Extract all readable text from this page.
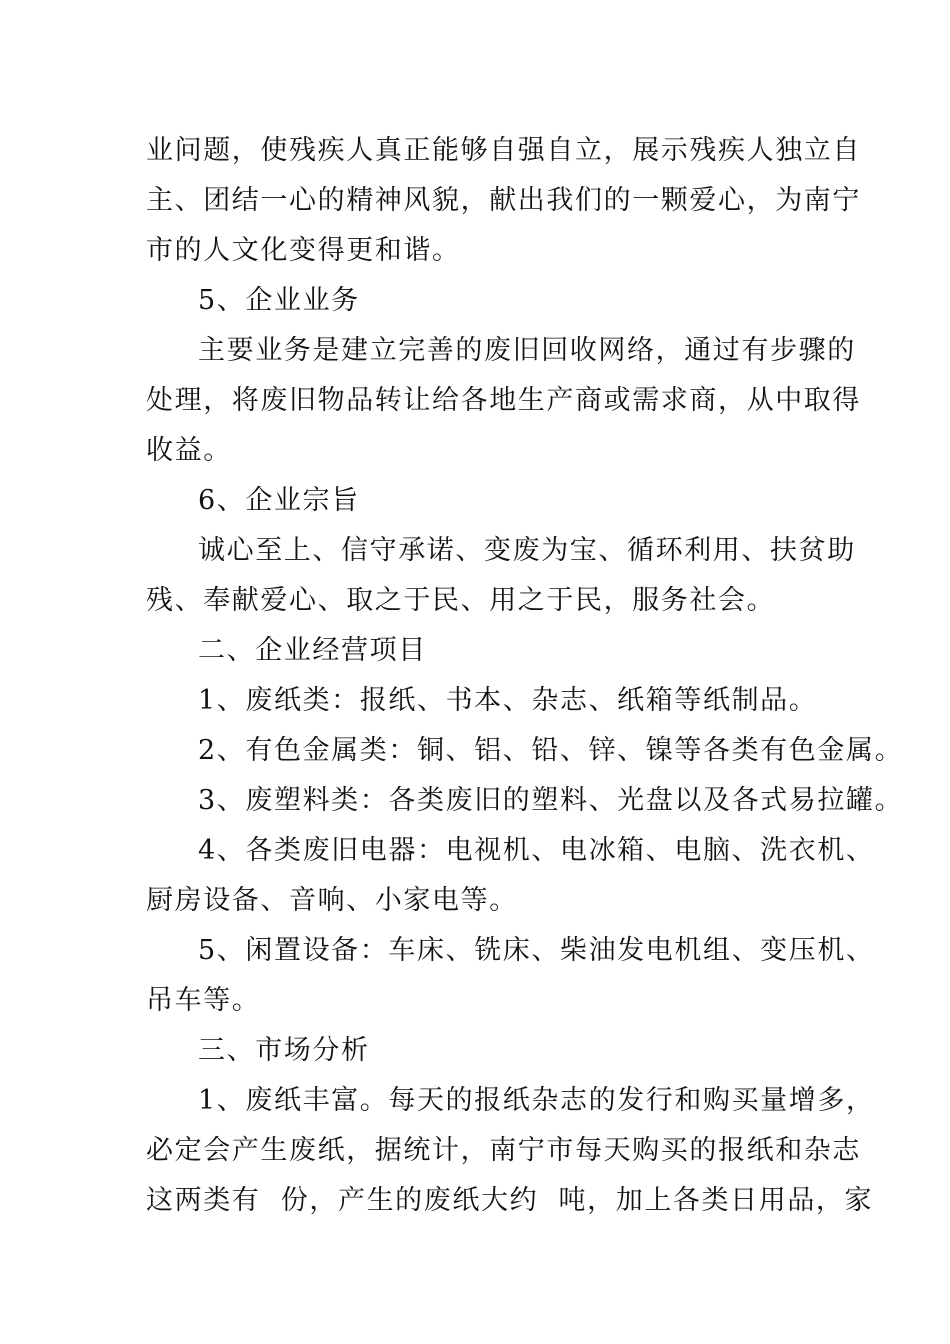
业问题，使残疾人真正能够自强自立，展示残疾人独立自
主、团结一心的精神风貌，献出我们的一颗爱心，为南宁
市的人文化变得更和谐。
5、企业业务
主要业务是建立完善的废旧回收网络，通过有步骤的
处理，将废旧物品转让给各地生产商或需求商，从中取得
收益。
6、企业宗旨
诚心至上、信守承诺、变废为宝、循环利用、扶贫助
残、奉献爱心、取之于民、用之于民，服务社会。
二、企业经营项目
1、废纸类：报纸、书本、杂志、纸箱等纸制品。
2、有色金属类：铜、铝、铅、锌、镍等各类有色金属。
3、废塑料类：各类废旧的塑料、光盘以及各式易拉罐。
4、各类废旧电器：电视机、电冰箱、电脑、洗衣机、
厨房设备、音响、小家电等。
5、闲置设备：车床、铣床、柴油发电机组、变压机、
吊车等。
三、市场分析
1、废纸丰富。每天的报纸杂志的发行和购买量增多，
必定会产生废纸，据统计，南宁市每天购买的报纸和杂志
这两类有  份，产生的废纸大约  吨，加上各类日用品，家
